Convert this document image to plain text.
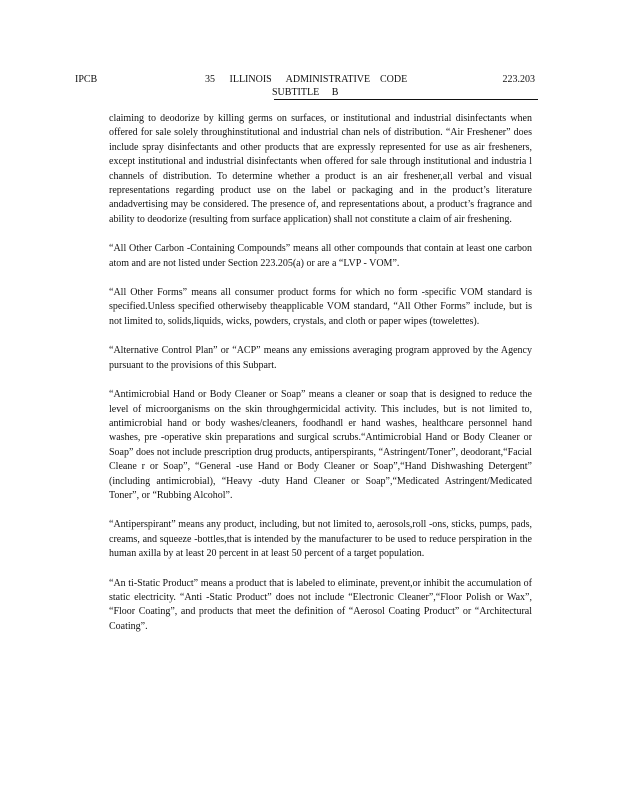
IPCB	35 ILLINOIS ADMINISTRATIVE CODE	223.203
SUBTITLE B

claiming to deodorize by killing germs on surfaces, or institutional and industrial disinfectants when offered for sale solely throughinstitutional and industrial chan nels of distribution. “Air Freshener” does include spray disinfectants and other products that are expressly represented for use as air fresheners, except institutional and industrial disinfectants when offered for sale through institutional and industria l channels of distribution. To determine whether a product is an air freshener,all verbal and visual representations regarding product use on the label or packaging and in the product’s literature andadvertising may be considered. The presence of, and representations about, a product’s fragrance and ability to deodorize (resulting from surface application) shall not constitute a claim of air freshening.

“All Other Carbon -Containing Compounds” means all other compounds that contain at least one carbon atom and are not listed under Section 223.205(a) or are a “LVP - VOM”.

“All Other Forms” means all consumer product forms for which no form -specific VOM standard is specified.Unless specified otherwiseby theapplicable VOM standard, “All Other Forms” include, but is not limited to, solids,liquids, wicks, powders, crystals, and cloth or paper wipes (towelettes).

“Alternative Control Plan” or “ACP” means any emissions averaging program approved by the Agency pursuant to the provisions of this Subpart.

“Antimicrobial Hand or Body Cleaner or Soap” means a cleaner or soap that is designed to reduce the level of microorganisms on the skin throughgermicidal activity. This includes, but is not limited to, antimicrobial hand or body washes/cleaners, foodhandl er hand washes, healthcare personnel hand washes, pre -operative skin preparations and surgical scrubs.“Antimicrobial Hand or Body Cleaner or Soap” does not include prescription drug products, antiperspirants, “Astringent/Toner”, deodorant,“Facial Cleane r or Soap”, “General -use Hand or Body Cleaner or Soap”,“Hand Dishwashing Detergent” (including antimicrobial), “Heavy -duty Hand Cleaner or Soap”,“Medicated Astringent/Medicated Toner”, or “Rubbing Alcohol”.

“Antiperspirant” means any product, including, but not limited to, aerosols,roll -ons, sticks, pumps, pads, creams, and squeeze -bottles,that is intended by the manufacturer to be used to reduce perspiration in the human axilla by at least 20 percent in at least 50 percent of a target population.

“An ti-Static Product” means a product that is labeled to eliminate, prevent,or inhibit the accumulation of static electricity. “Anti -Static Product” does not include “Electronic Cleaner”,“Floor Polish or Wax”, “Floor Coating”, and products that meet the definition of “Aerosol Coating Product” or “Architectural Coating”.
